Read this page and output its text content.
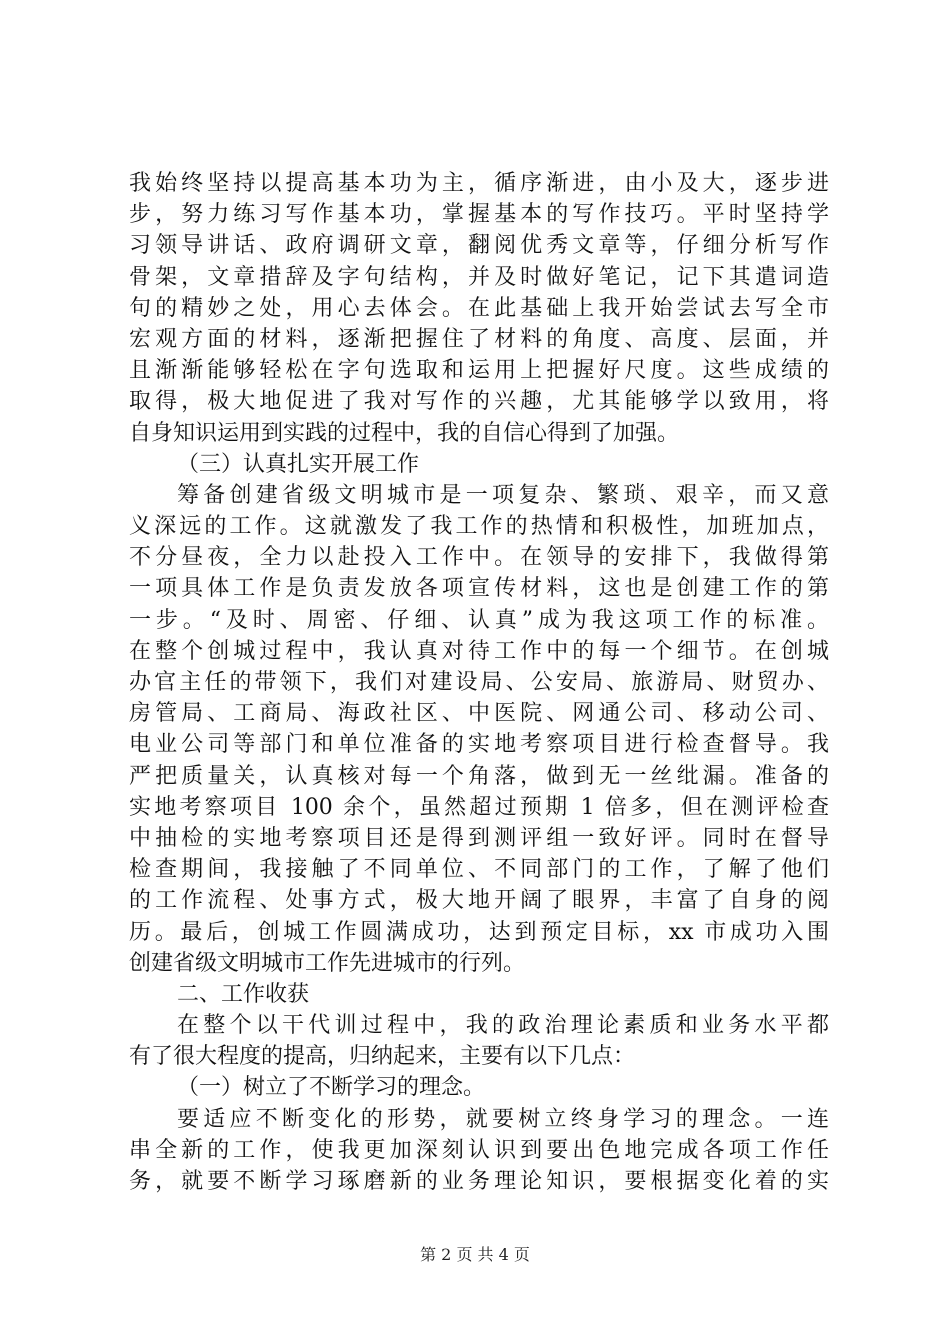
我始终坚持以提高基本功为主，循序渐进，由小及大，逐步进
步，努力练习写作基本功，掌握基本的写作技巧。平时坚持学
习领导讲话、政府调研文章，翻阅优秀文章等，仔细分析写作
骨架，文章措辞及字句结构，并及时做好笔记，记下其遣词造
句的精妙之处，用心去体会。在此基础上我开始尝试去写全市
宏观方面的材料，逐渐把握住了材料的角度、高度、层面，并
且渐渐能够轻松在字句选取和运用上把握好尺度。这些成绩的
取得，极大地促进了我对写作的兴趣，尤其能够学以致用，将
自身知识运用到实践的过程中，我的自信心得到了加强。
（三）认真扎实开展工作
筹备创建省级文明城市是一项复杂、繁琐、艰辛，而又意
义深远的工作。这就激发了我工作的热情和积极性，加班加点，
不分昼夜，全力以赴投入工作中。在领导的安排下，我做得第
一项具体工作是负责发放各项宣传材料，这也是创建工作的第
一步。“及时、周密、仔细、认真”成为我这项工作的标准。
在整个创城过程中，我认真对待工作中的每一个细节。在创城
办官主任的带领下，我们对建设局、公安局、旅游局、财贸办、
房管局、工商局、海政社区、中医院、网通公司、移动公司、
电业公司等部门和单位准备的实地考察项目进行检查督导。我
严把质量关，认真核对每一个角落，做到无一丝纰漏。准备的
实地考察项目 100 余个，虽然超过预期 1 倍多，但在测评检查
中抽检的实地考察项目还是得到测评组一致好评。同时在督导
检查期间，我接触了不同单位、不同部门的工作，了解了他们
的工作流程、处事方式，极大地开阔了眼界，丰富了自身的阅
历。最后，创城工作圆满成功，达到预定目标，xx 市成功入围
创建省级文明城市工作先进城市的行列。
二、工作收获
在整个以干代训过程中，我的政治理论素质和业务水平都
有了很大程度的提高，归纳起来，主要有以下几点：
（一）树立了不断学习的理念。
要适应不断变化的形势，就要树立终身学习的理念。一连
串全新的工作，使我更加深刻认识到要出色地完成各项工作任
务，就要不断学习琢磨新的业务理论知识，要根据变化着的实
第 2 页 共 4 页
